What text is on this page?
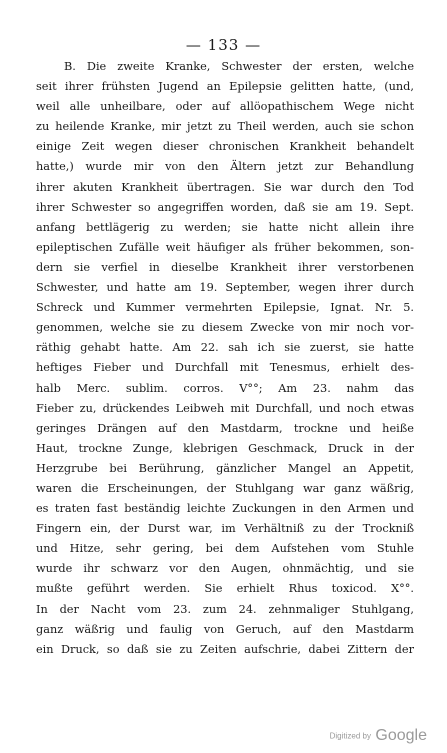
— 133 —
B. Die zweite Kranke, Schwester der ersten, welche
seit ihrer frühsten Jugend an Epilepsie gelitten hatte, (und,
weil alle unheilbare, oder auf allöopathischem Wege nicht
zu heilende Kranke, mir jetzt zu Theil werden, auch sie schon
einige Zeit wegen dieser chronischen Krankheit behandelt
hatte,) wurde mir von den Ältern jetzt zur Behandlung
ihrer akuten Krankheit übertragen. Sie war durch den Tod
ihrer Schwester so angegriffen worden, daß sie am 19. Sept.
anfang bettlägerig zu werden; sie hatte nicht allein ihre
epileptischen Zufälle weit häufiger als früher bekommen, son-
dern sie verfiel in dieselbe Krankheit ihrer verstorbenen
Schwester, und hatte am 19. September, wegen ihrer durch
Schreck und Kummer vermehrten Epilepsie, Ignat. Nr. 5.
genommen, welche sie zu diesem Zwecke von mir noch vor-
räthig gehabt hatte. Am 22. sah ich sie zuerst, sie hatte
heftiges Fieber und Durchfall mit Tenesmus, erhielt des-
halb Merc. sublim. corros. V°°; Am 23. nahm das
Fieber zu, drückendes Leibweh mit Durchfall, und noch etwas
geringes Drängen auf den Mastdarm, trockne und heiße
Haut, trockne Zunge, klebrigen Geschmack, Druck in der
Herzgrube bei Berührung, gänzlicher Mangel an Appetit,
waren die Erscheinungen, der Stuhlgang war ganz wäßrig,
es traten fast beständig leichte Zuckungen in den Armen und
Fingern ein, der Durst war, im Verhältniß zu der Trockniß
und Hitze, sehr gering, bei dem Aufstehen vom Stuhle
wurde ihr schwarz vor den Augen, ohnmächtig, und sie
mußte geführt werden. Sie erhielt Rhus toxicod. X°°.
In der Nacht vom 23. zum 24. zehnmaliger Stuhlgang,
ganz wäßrig und faulig von Geruch, auf den Mastdarm
ein Druck, so daß sie zu Zeiten aufschrie, dabei Zittern der
Digitized by Google
